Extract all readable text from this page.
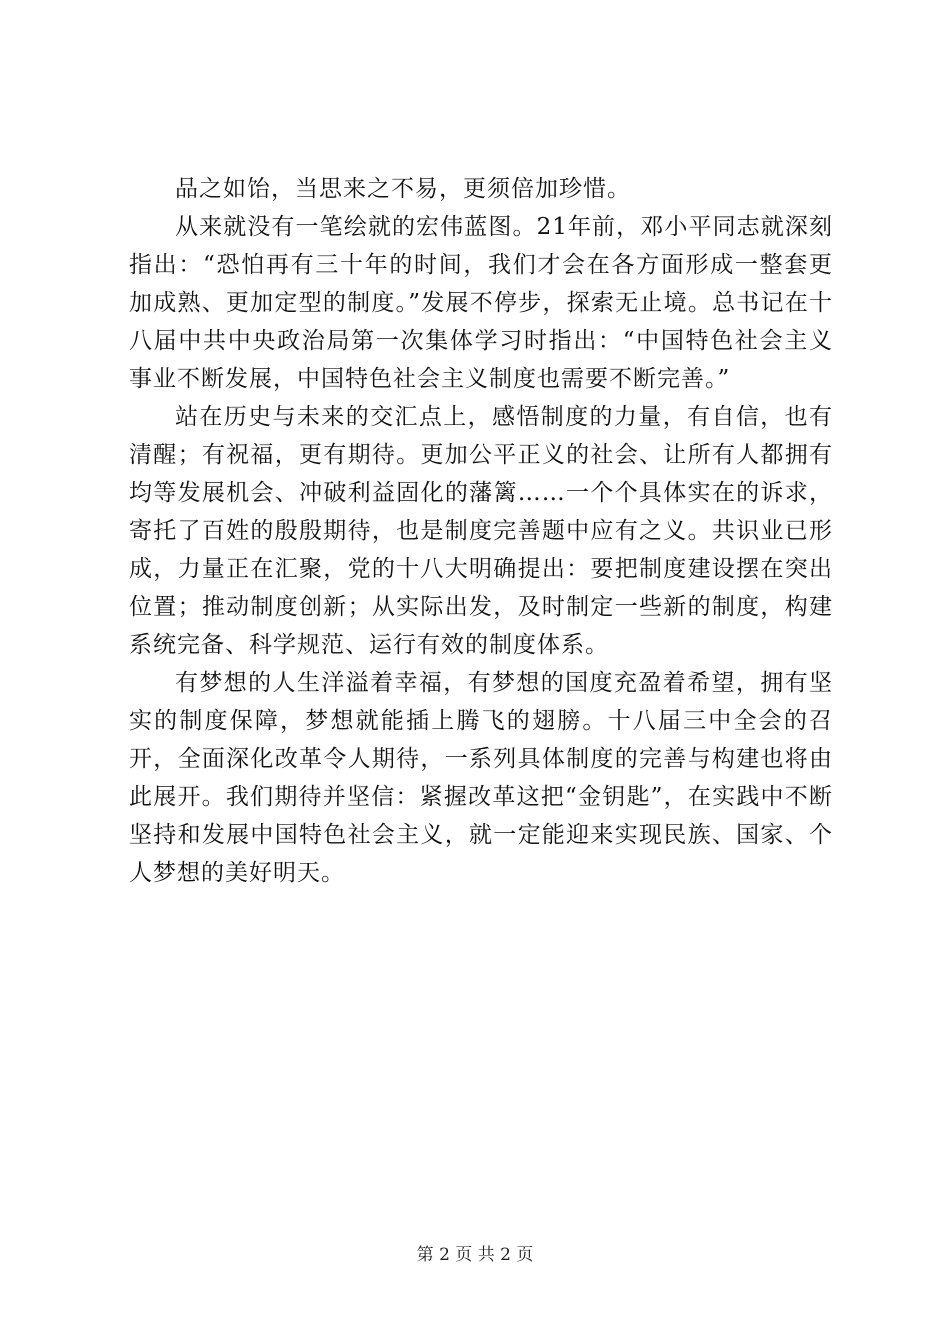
品之如饴，当思来之不易，更须倍加珍惜。

从来就没有一笔绘就的宏伟蓝图。21年前，邓小平同志就深刻指出：“恐怕再有三十年的时间，我们才会在各方面形成一整套更加成熟、更加定型的制度。”发展不停步，探索无止境。总书记在十八届中共中央政治局第一次集体学习时指出：“中国特色社会主义事业不断发展，中国特色社会主义制度也需要不断完善。”

站在历史与未来的交汇点上，感悟制度的力量，有自信，也有清醒；有祝福，更有期待。更加公平正义的社会、让所有人都拥有均等发展机会、冲破利益固化的藩篱……一个个具体实在的诉求，寄托了百姓的殷殷期待，也是制度完善题中应有之义。共识业已形成，力量正在汇聚，党的十八大明确提出：要把制度建设摆在突出位置；推动制度创新；从实际出发，及时制定一些新的制度，构建系统完备、科学规范、运行有效的制度体系。

有梦想的人生洋溢着幸福，有梦想的国度充盈着希望，拥有坚实的制度保障，梦想就能插上腾飞的翅膀。十八届三中全会的召开，全面深化改革令人期待，一系列具体制度的完善与构建也将由此展开。我们期待并坚信：紧握改革这把“金钥匙”，在实践中不断坚持和发展中国特色社会主义，就一定能迎来实现民族、国家、个人梦想的美好明天。

第 2 页 共 2 页
